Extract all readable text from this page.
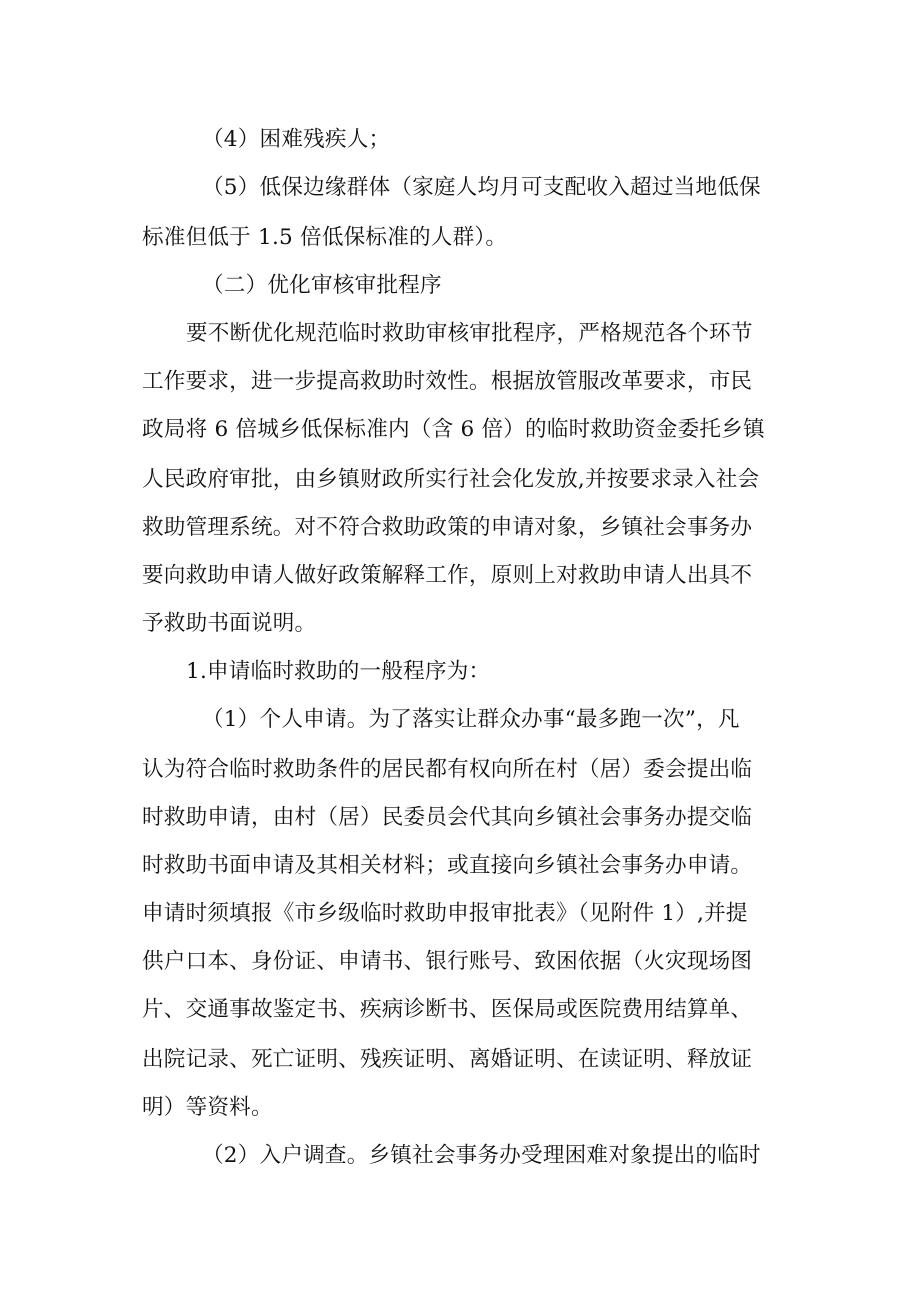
（4）困难残疾人；
（5）低保边缘群体（家庭人均月可支配收入超过当地低保
标准但低于 1.5 倍低保标准的人群）。
（二）优化审核审批程序
要不断优化规范临时救助审核审批程序，严格规范各个环节
工作要求，进一步提高救助时效性。根据放管服改革要求，市民
政局将 6 倍城乡低保标准内（含 6 倍）的临时救助资金委托乡镇
人民政府审批，由乡镇财政所实行社会化发放,并按要求录入社会
救助管理系统。对不符合救助政策的申请对象，乡镇社会事务办
要向救助申请人做好政策解释工作，原则上对救助申请人出具不
予救助书面说明。
1.申请临时救助的一般程序为：
（1）个人申请。为了落实让群众办事“最多跑一次”，凡
认为符合临时救助条件的居民都有权向所在村（居）委会提出临
时救助申请，由村（居）民委员会代其向乡镇社会事务办提交临
时救助书面申请及其相关材料；或直接向乡镇社会事务办申请。
申请时须填报《市乡级临时救助申报审批表》（见附件 1）,并提
供户口本、身份证、申请书、银行账号、致困依据（火灾现场图
片、交通事故鉴定书、疾病诊断书、医保局或医院费用结算单、
出院记录、死亡证明、残疾证明、离婚证明、在读证明、释放证
明）等资料。
（2）入户调查。乡镇社会事务办受理困难对象提出的临时
